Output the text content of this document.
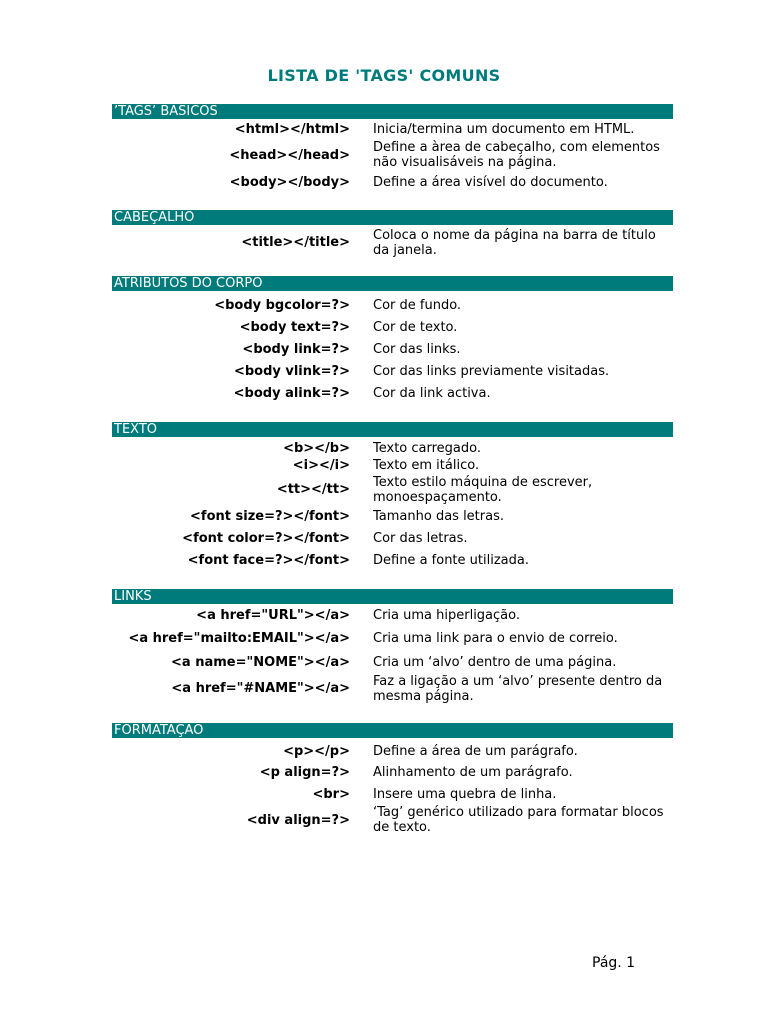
LISTA DE 'TAGS' COMUNS
’TAGS’ BASICOS
<html></html>	Inicia/termina um documento em HTML.
<head></head>	Define a àrea de cabeçalho, com elementos não visualisáveis na página.
<body></body>	Define a área visível do documento.
CABEÇALHO
<title></title>	Coloca o nome da página na barra de título da janela.
ATRIBUTOS DO CORPO
<body bgcolor=?>	Cor de fundo.
<body text=?>	Cor de texto.
<body link=?>	Cor das links.
<body vlink=?>	Cor das links previamente visitadas.
<body alink=?>	Cor da link activa.
TEXTO
<b></b>	Texto carregado.
<i></i>	Texto em itálico.
<tt></tt>	Texto estilo máquina de escrever, monoespaçamento.
<font size=?></font>	Tamanho das letras.
<font color=?></font>	Cor das letras.
<font face=?></font>	Define a fonte utilizada.
LINKS
<a href="URL"></a>	Cria uma hiperligação.
<a href="mailto:EMAIL"></a>	Cria uma link para o envio de correio.
<a name="NOME"></a>	Cria um ‘alvo’ dentro de uma página.
<a href="#NAME"></a>	Faz a ligação a um ‘alvo’ presente dentro da mesma página.
FORMATAÇAO
<p></p>	Define a área de um parágrafo.
<p align=?>	Alinhamento de um parágrafo.
<br>	Insere uma quebra de linha.
<div align=?>	‘Tag’ genérico utilizado para formatar blocos de texto.
Pág. 1
